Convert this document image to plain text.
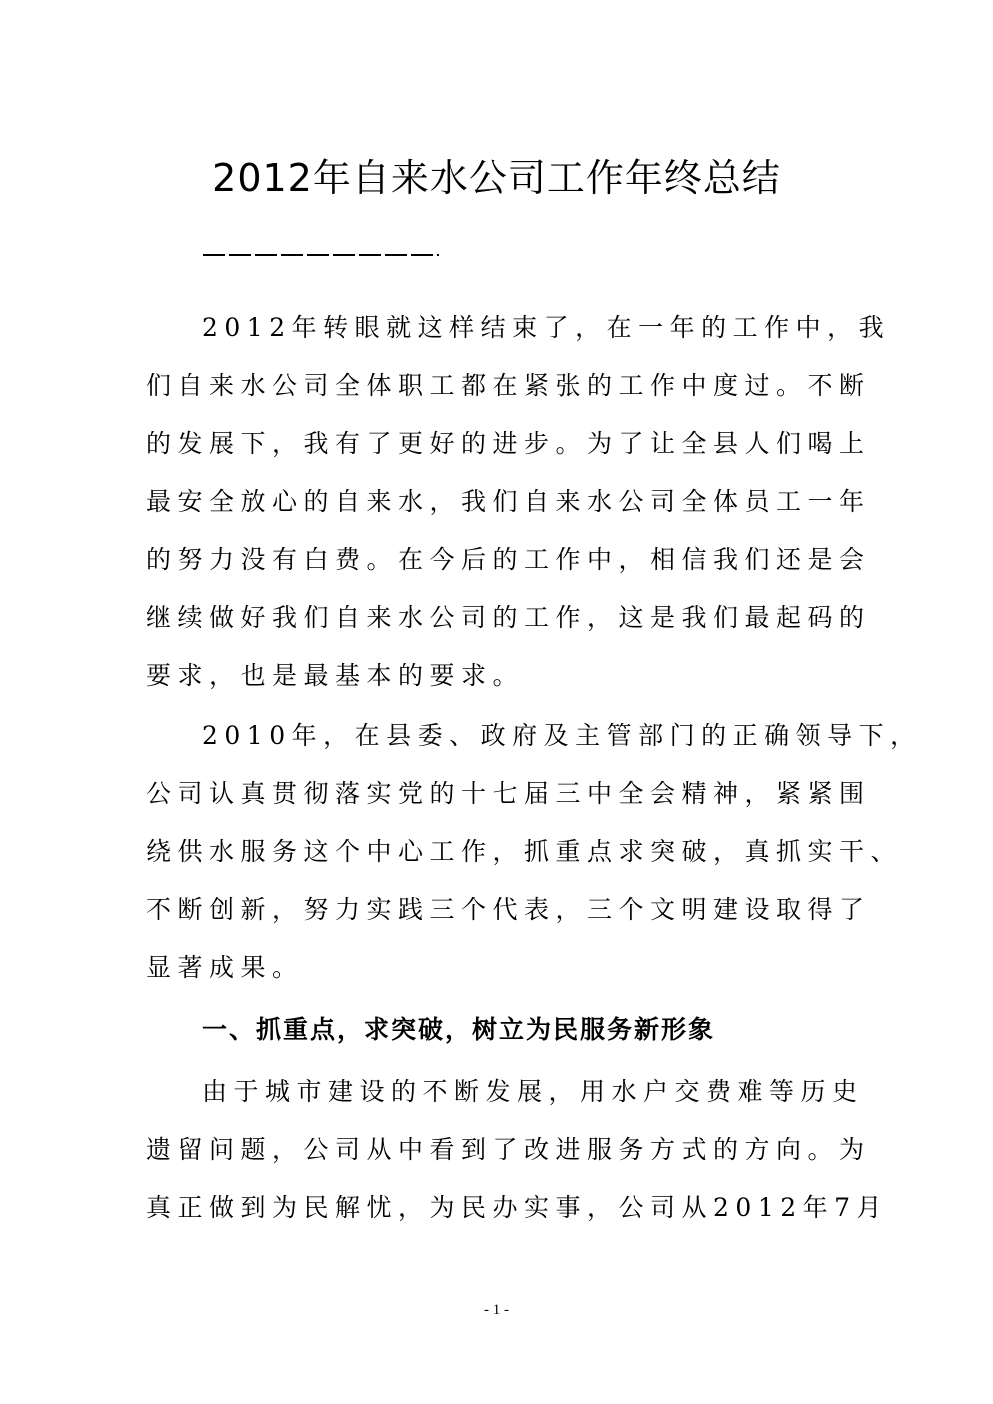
2012年自来水公司工作年终总结
2012年转眼就这样结束了，在一年的工作中，我
们自来水公司全体职工都在紧张的工作中度过。不断
的发展下，我有了更好的进步。为了让全县人们喝上
最安全放心的自来水，我们自来水公司全体员工一年
的努力没有白费。在今后的工作中，相信我们还是会
继续做好我们自来水公司的工作，这是我们最起码的
要求，也是最基本的要求。
2010年，在县委、政府及主管部门的正确领导下，
公司认真贯彻落实党的十七届三中全会精神，紧紧围
绕供水服务这个中心工作，抓重点求突破，真抓实干、
不断创新，努力实践三个代表，三个文明建设取得了
显著成果。
一、抓重点，求突破，树立为民服务新形象
由于城市建设的不断发展，用水户交费难等历史
遗留问题，公司从中看到了改进服务方式的方向。为
真正做到为民解忧，为民办实事，公司从2012年7月
- 1 -
